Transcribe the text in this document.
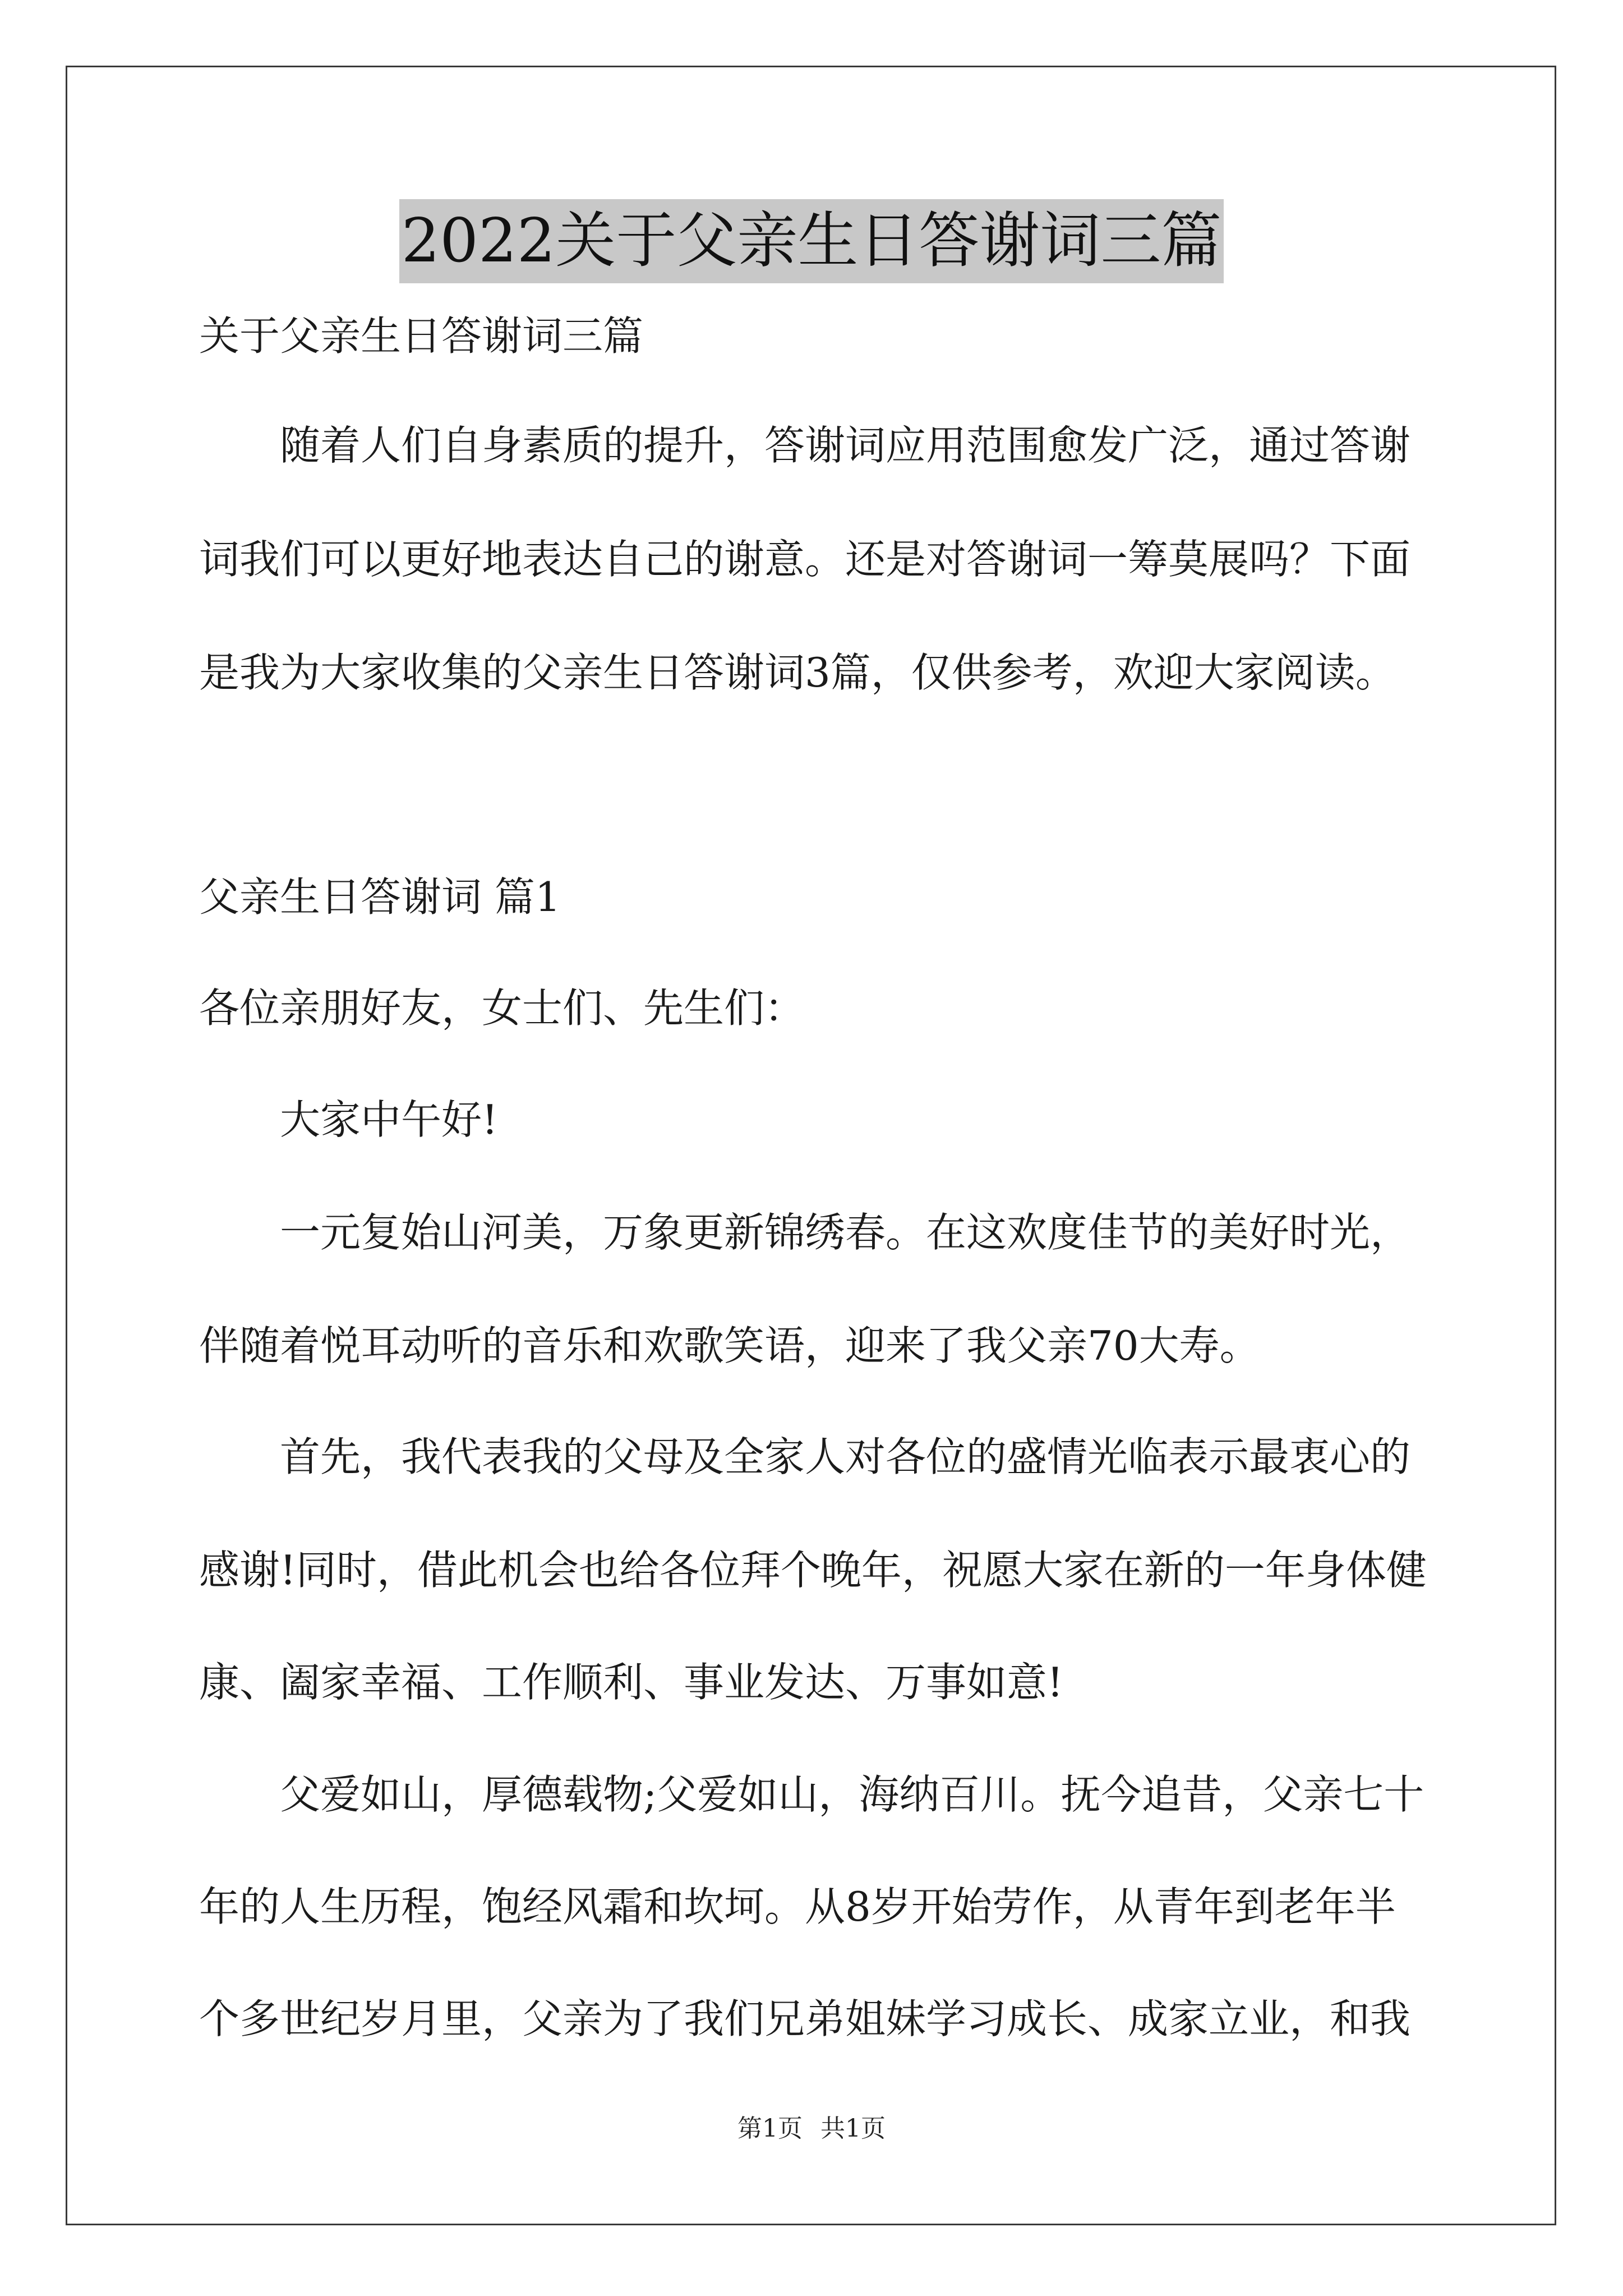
2022关于父亲生日答谢词三篇
关于父亲生日答谢词三篇
　　随着人们自身素质的提升，答谢词应用范围愈发广泛，通过答谢
词我们可以更好地表达自己的谢意。还是对答谢词一筹莫展吗？下面
是我为大家收集的父亲生日答谢词3篇，仅供参考，欢迎大家阅读。
父亲生日答谢词 篇1
各位亲朋好友，女士们、先生们：
　　大家中午好!
　　一元复始山河美，万象更新锦绣春。在这欢度佳节的美好时光，
伴随着悦耳动听的音乐和欢歌笑语，迎来了我父亲70大寿。
　　首先，我代表我的父母及全家人对各位的盛情光临表示最衷心的
感谢!同时，借此机会也给各位拜个晚年，祝愿大家在新的一年身体健
康、阖家幸福、工作顺利、事业发达、万事如意!
　　父爱如山，厚德载物;父爱如山，海纳百川。抚今追昔，父亲七十
年的人生历程，饱经风霜和坎坷。从8岁开始劳作，从青年到老年半
个多世纪岁月里，父亲为了我们兄弟姐妹学习成长、成家立业，和我
第1页 共1页
